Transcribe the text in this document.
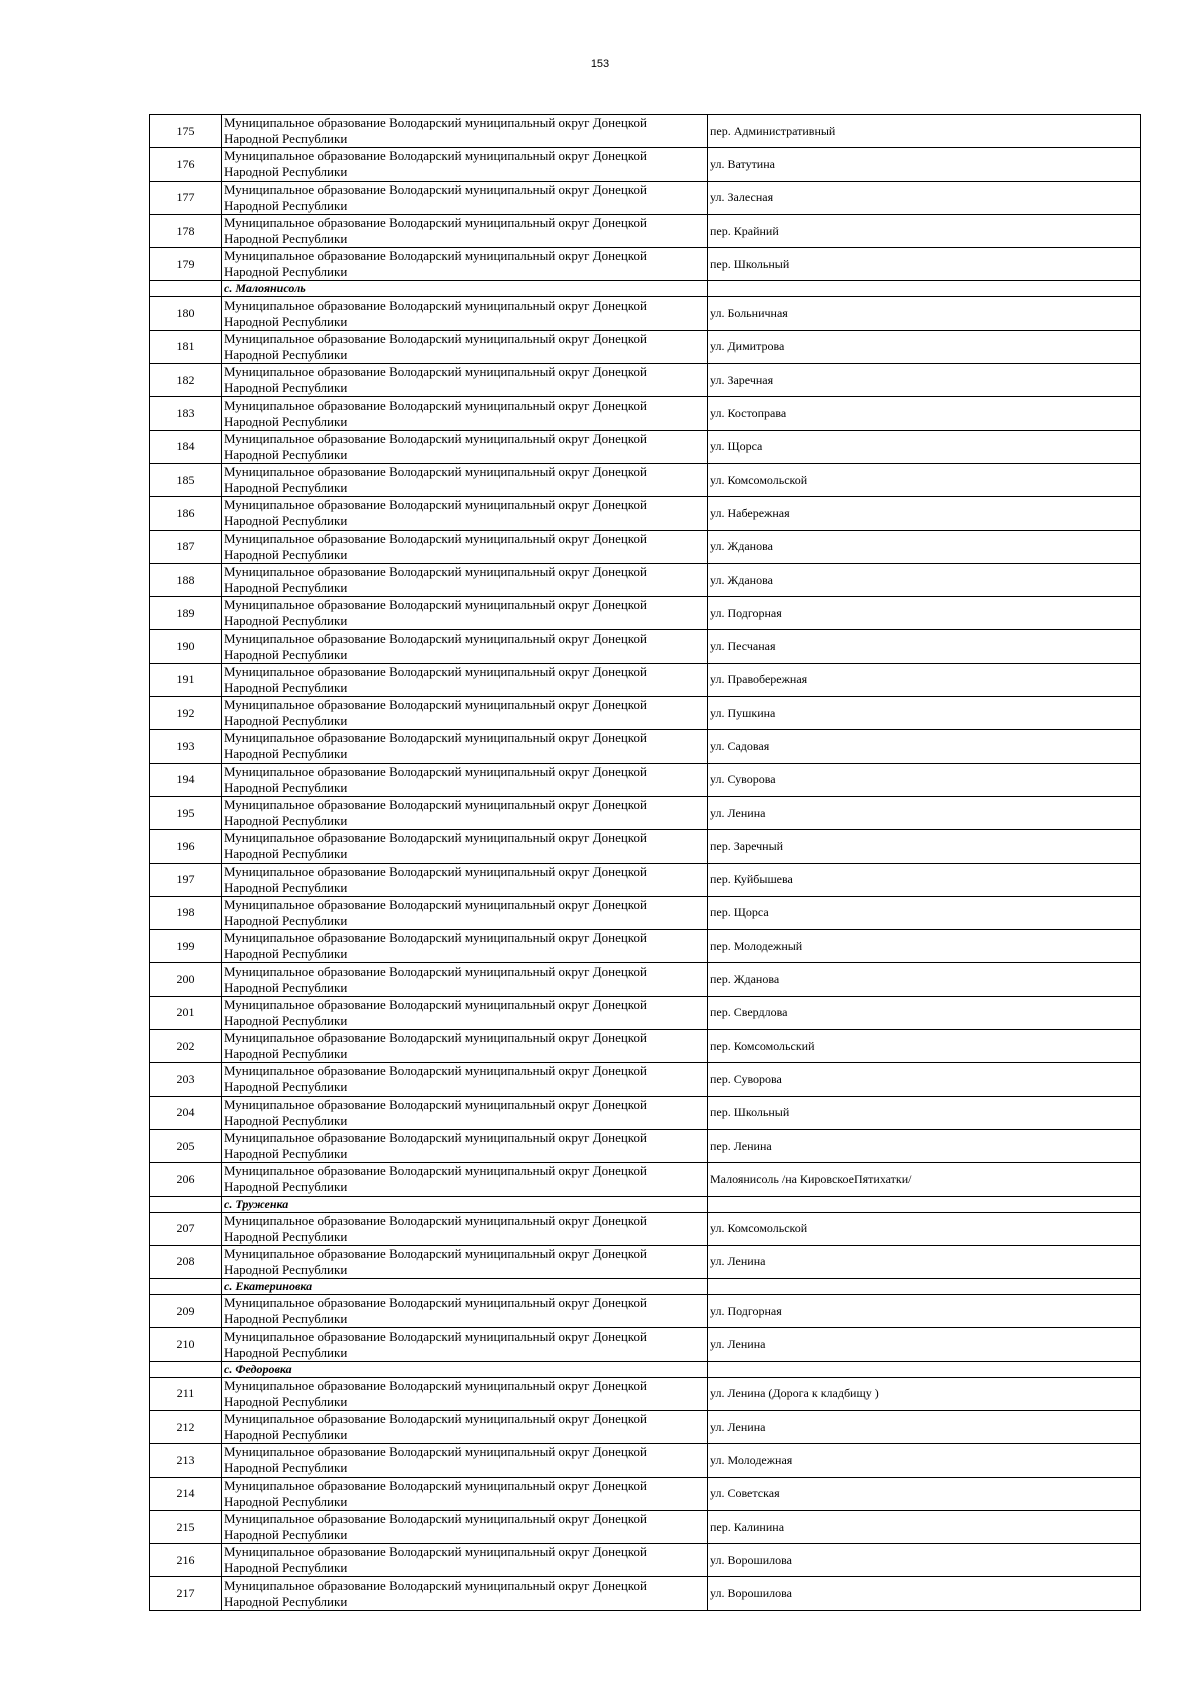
153
175	Муниципальное образование Володарский муниципальный округ Донецкой
Народной Республики	пер. Административный
176	Муниципальное образование Володарский муниципальный округ Донецкой
Народной Республики	ул. Ватутина
177	Муниципальное образование Володарский муниципальный округ Донецкой
Народной Республики	ул. Залесная
178	Муниципальное образование Володарский муниципальный округ Донецкой
Народной Республики	пер. Крайний
179	Муниципальное образование Володарский муниципальный округ Донецкой
Народной Республики	пер. Школьный
	с. Малоянисоль	
180	Муниципальное образование Володарский муниципальный округ Донецкой
Народной Республики	ул. Больничная
181	Муниципальное образование Володарский муниципальный округ Донецкой
Народной Республики	ул. Димитрова
182	Муниципальное образование Володарский муниципальный округ Донецкой
Народной Республики	ул. Заречная
183	Муниципальное образование Володарский муниципальный округ Донецкой
Народной Республики	ул. Костоправа
184	Муниципальное образование Володарский муниципальный округ Донецкой
Народной Республики	ул. Щорса
185	Муниципальное образование Володарский муниципальный округ Донецкой
Народной Республики	ул. Комсомольской
186	Муниципальное образование Володарский муниципальный округ Донецкой
Народной Республики	ул. Набережная
187	Муниципальное образование Володарский муниципальный округ Донецкой
Народной Республики	ул. Жданова
188	Муниципальное образование Володарский муниципальный округ Донецкой
Народной Республики	ул. Жданова
189	Муниципальное образование Володарский муниципальный округ Донецкой
Народной Республики	ул. Подгорная
190	Муниципальное образование Володарский муниципальный округ Донецкой
Народной Республики	ул. Песчаная
191	Муниципальное образование Володарский муниципальный округ Донецкой
Народной Республики	ул. Правобережная
192	Муниципальное образование Володарский муниципальный округ Донецкой
Народной Республики	ул. Пушкина
193	Муниципальное образование Володарский муниципальный округ Донецкой
Народной Республики	ул. Садовая
194	Муниципальное образование Володарский муниципальный округ Донецкой
Народной Республики	ул. Суворова
195	Муниципальное образование Володарский муниципальный округ Донецкой
Народной Республики	ул. Ленина
196	Муниципальное образование Володарский муниципальный округ Донецкой
Народной Республики	пер. Заречный
197	Муниципальное образование Володарский муниципальный округ Донецкой
Народной Республики	пер. Куйбышева
198	Муниципальное образование Володарский муниципальный округ Донецкой
Народной Республики	пер. Щорса
199	Муниципальное образование Володарский муниципальный округ Донецкой
Народной Республики	пер. Молодежный
200	Муниципальное образование Володарский муниципальный округ Донецкой
Народной Республики	пер. Жданова
201	Муниципальное образование Володарский муниципальный округ Донецкой
Народной Республики	пер. Свердлова
202	Муниципальное образование Володарский муниципальный округ Донецкой
Народной Республики	пер. Комсомольский
203	Муниципальное образование Володарский муниципальный округ Донецкой
Народной Республики	пер. Суворова
204	Муниципальное образование Володарский муниципальный округ Донецкой
Народной Республики	пер. Школьный
205	Муниципальное образование Володарский муниципальный округ Донецкой
Народной Республики	пер. Ленина
206	Муниципальное образование Володарский муниципальный округ Донецкой
Народной Республики	Малоянисоль /на КировскоеПятихатки/
	с. Труженка	
207	Муниципальное образование Володарский муниципальный округ Донецкой
Народной Республики	ул. Комсомольской
208	Муниципальное образование Володарский муниципальный округ Донецкой
Народной Республики	ул. Ленина
	с. Екатериновка	
209	Муниципальное образование Володарский муниципальный округ Донецкой
Народной Республики	ул. Подгорная
210	Муниципальное образование Володарский муниципальный округ Донецкой
Народной Республики	ул. Ленина
	с. Федоровка	
211	Муниципальное образование Володарский муниципальный округ Донецкой
Народной Республики	ул. Ленина (Дорога к кладбищу )
212	Муниципальное образование Володарский муниципальный округ Донецкой
Народной Республики	ул. Ленина
213	Муниципальное образование Володарский муниципальный округ Донецкой
Народной Республики	ул. Молодежная
214	Муниципальное образование Володарский муниципальный округ Донецкой
Народной Республики	ул. Советская
215	Муниципальное образование Володарский муниципальный округ Донецкой
Народной Республики	пер. Калинина
216	Муниципальное образование Володарский муниципальный округ Донецкой
Народной Республики	ул. Ворошилова
217	Муниципальное образование Володарский муниципальный округ Донецкой
Народной Республики	ул. Ворошилова
